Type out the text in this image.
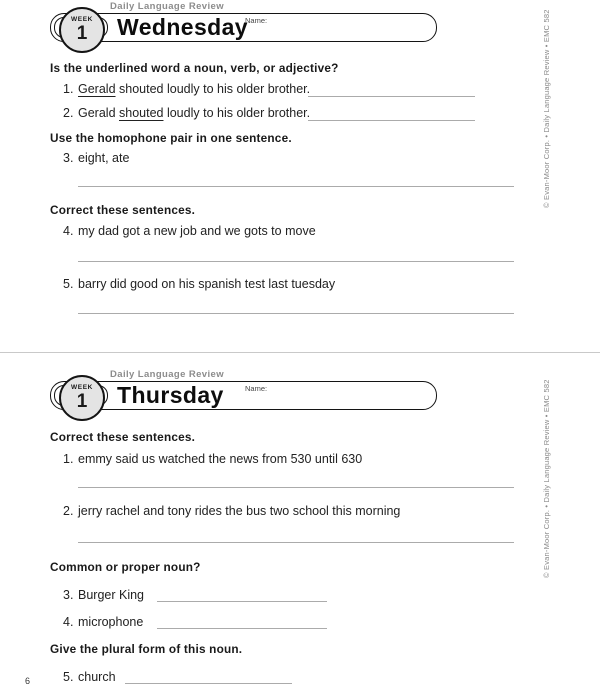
Daily Language Review
Wednesday
Name:
WEEK
1
Is the underlined word a noun, verb, or adjective?
1. Gerald shouted loudly to his older brother.
2. Gerald shouted loudly to his older brother.
Use the homophone pair in one sentence.
3. eight, ate
Correct these sentences.
4. my dad got a new job and we gots to move
5. barry did good on his spanish test last tuesday
© Evan-Moor Corp. • Daily Language Review • EMC 582
Daily Language Review
Thursday	Name:
WEEK
1
Correct these sentences.
1. emmy said us watched the news from 530 until 630
2. jerry rachel and tony rides the bus two school this morning
Common or proper noun?
3. Burger King
4. microphone
Give the plural form of this noun.
5. church
© Evan-Moor Corp. • Daily Language Review • EMC 582
6
